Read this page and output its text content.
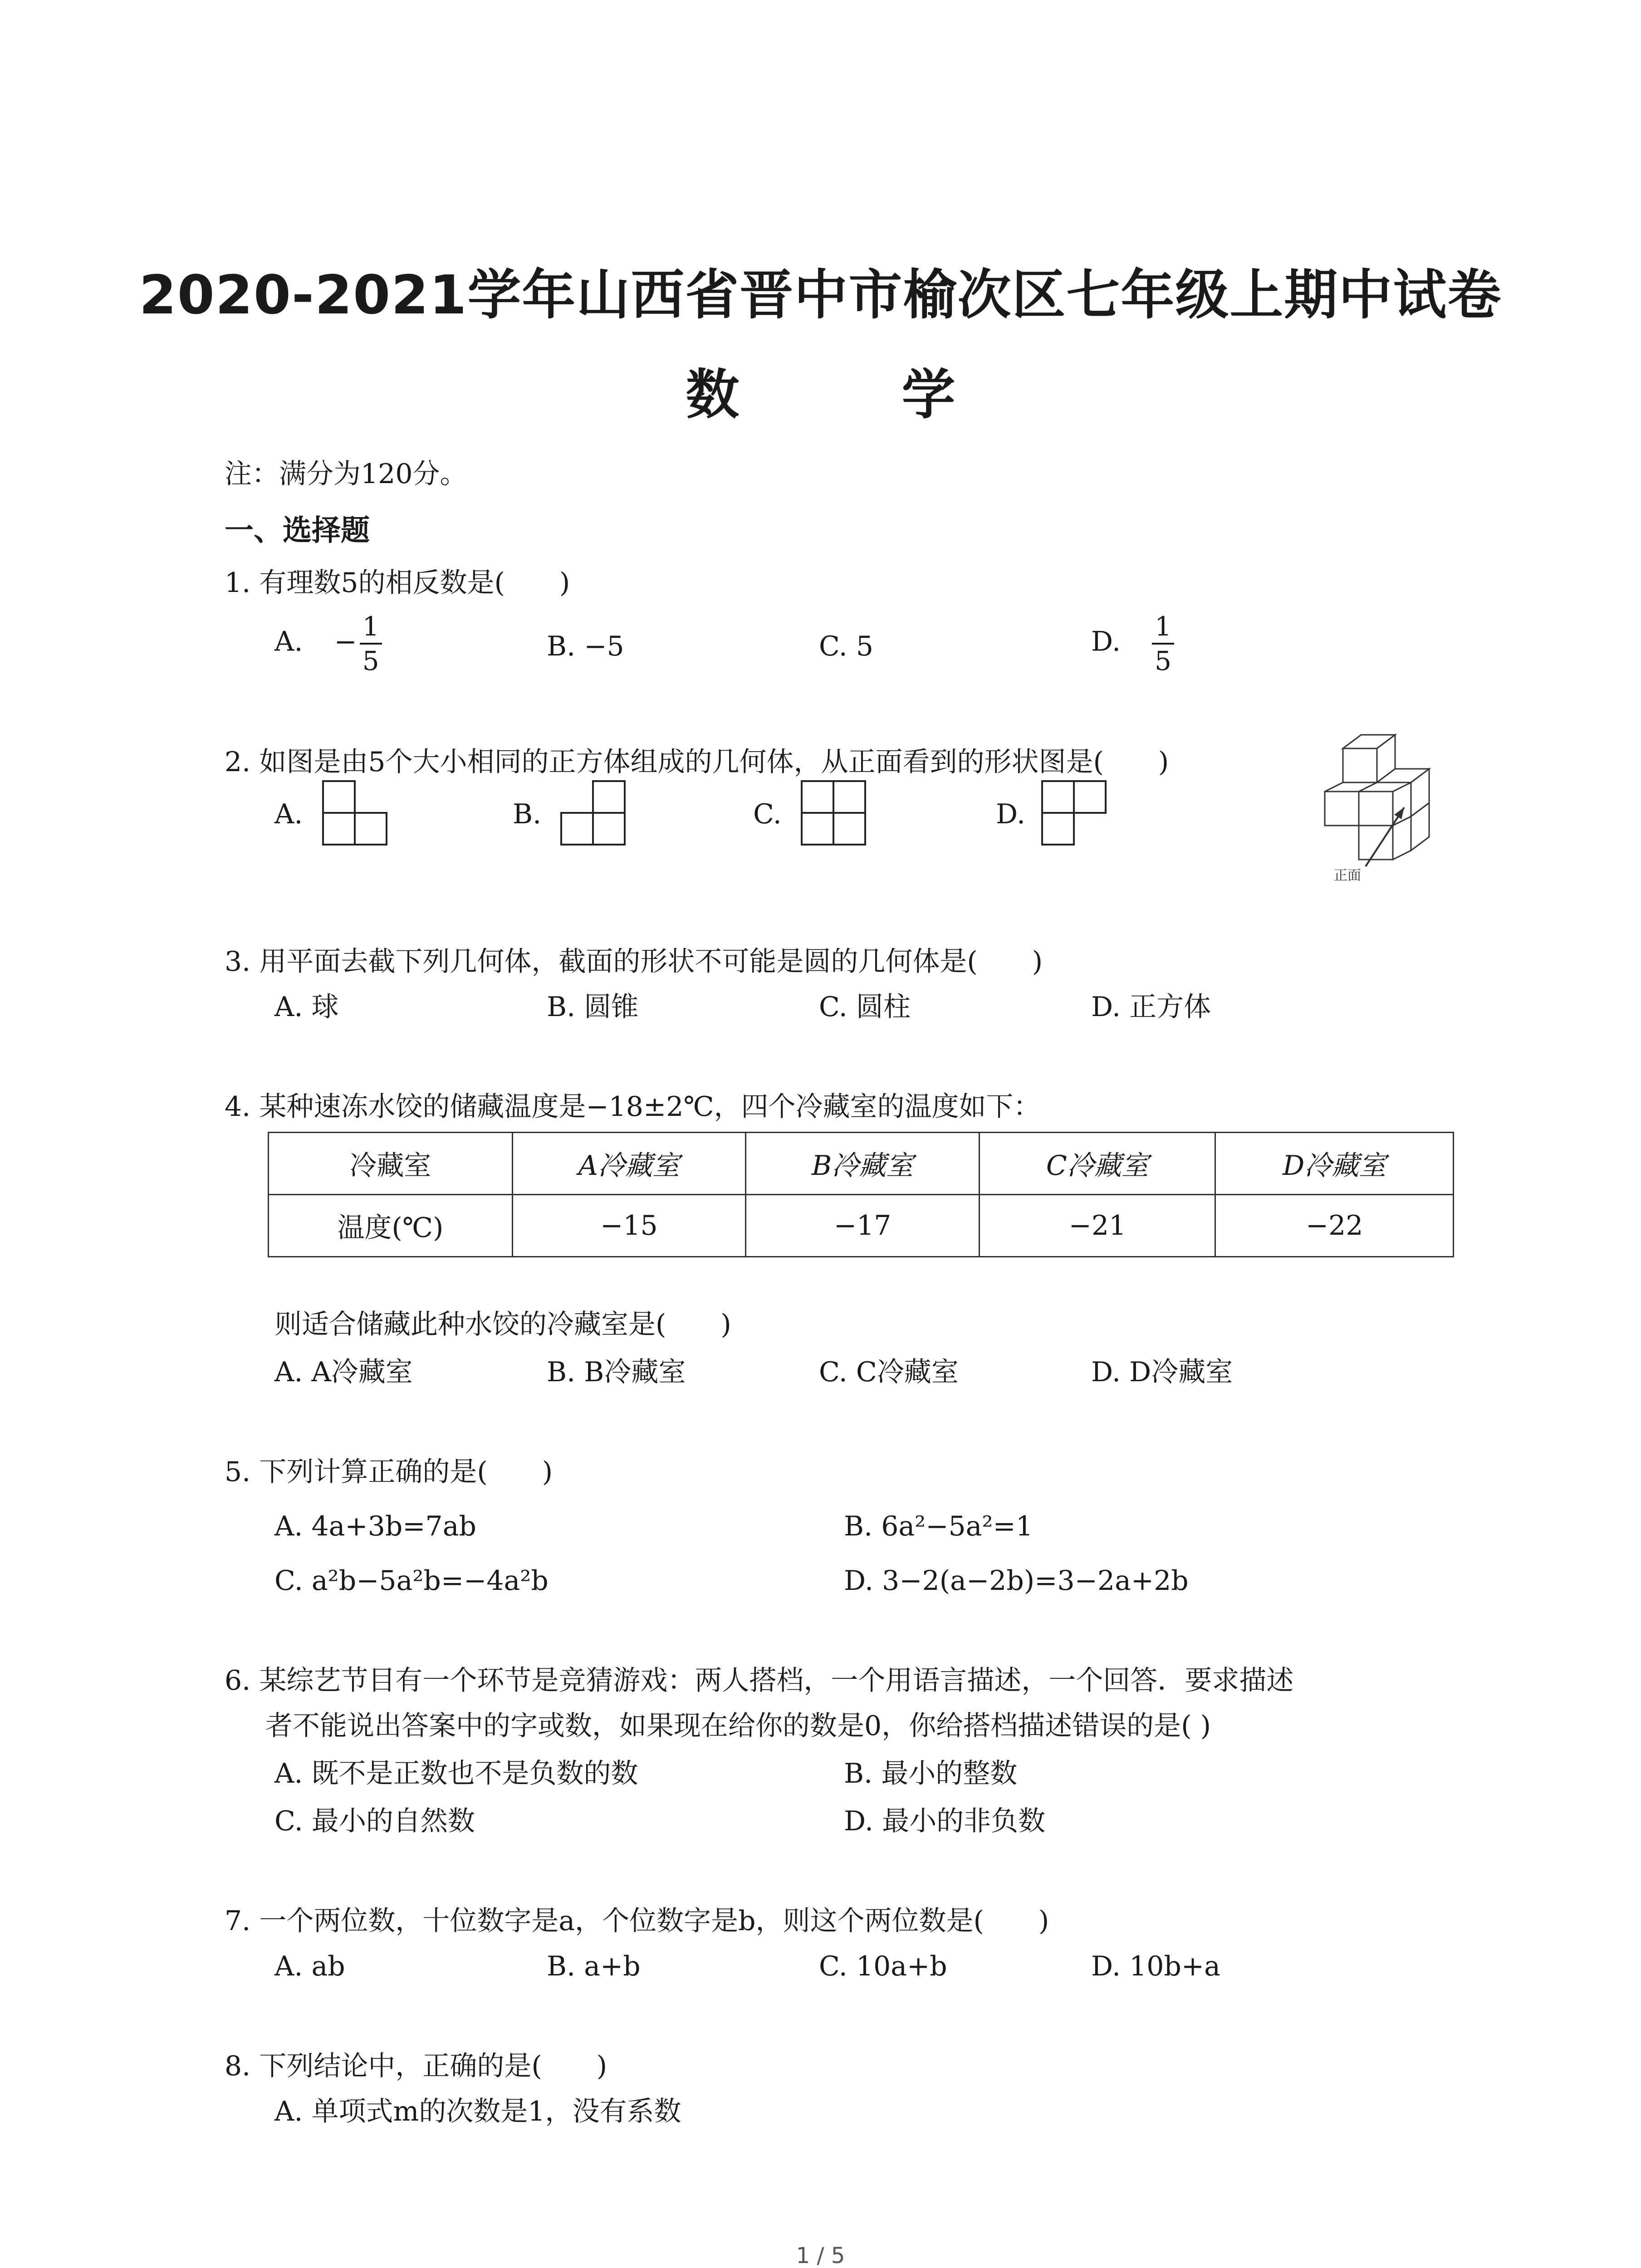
2020-2021学年山西省晋中市榆次区七年级上期中试卷
数　学
注：满分为120分。
一、选择题
1. 有理数5的相反数是(　　)
A. − $\frac{1}{5}$	B. −5	C. 5	D. $\frac{1}{5}$
2. 如图是由5个大小相同的正方体组成的几何体，从正面看到的形状图是(　　)
A.	B.	C.	D.
正面
3. 用平面去截下列几何体，截面的形状不可能是圆的几何体是(　　)
A. 球	B. 圆锥	C. 圆柱	D. 正方体
4. 某种速冻水饺的储藏温度是−18±2℃，四个冷藏室的温度如下：
冷藏室	A冷藏室	B冷藏室	C冷藏室	D冷藏室
温度(℃)	−15	−17	−21	−22
则适合储藏此种水饺的冷藏室是(　　)
A. A冷藏室	B. B冷藏室	C. C冷藏室	D. D冷藏室
5. 下列计算正确的是(　　)
A. 4a+3b=7ab	B. 6a²−5a²=1
C. a²b−5a²b=−4a²b	D. 3−2(a−2b)=3−2a+2b
6. 某综艺节目有一个环节是竞猜游戏：两人搭档，一个用语言描述，一个回答．要求描述
者不能说出答案中的字或数，如果现在给你的数是0，你给搭档描述错误的是( )
A. 既不是正数也不是负数的数	B. 最小的整数
C. 最小的自然数	D. 最小的非负数
7. 一个两位数，十位数字是a，个位数字是b，则这个两位数是(　　)
A. ab	B. a+b	C. 10a+b	D. 10b+a
8. 下列结论中，正确的是(　　)
A. 单项式m的次数是1，没有系数
1 / 5
